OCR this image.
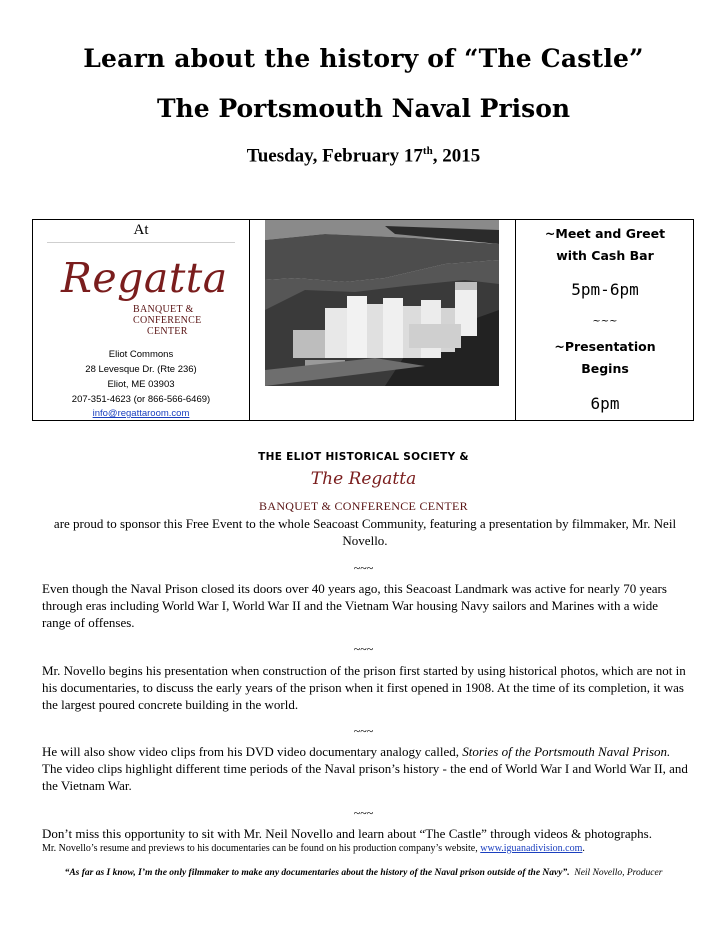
Learn about the history of “The Castle”
The Portsmouth Naval Prison
Tuesday, February 17th, 2015
At
Regatta
BANQUET &
CONFERENCE
CENTER
Eliot Commons
28 Levesque Dr. (Rte 236)
Eliot, ME 03903
207-351-4623 (or 866-566-6469)
info@regattaroom.com
~Meet and Greet
with Cash Bar
5pm-6pm
~~~
~Presentation
Begins
6pm
THE ELIOT HISTORICAL SOCIETY &
The Regatta
BANQUET & CONFERENCE CENTER
are proud to sponsor this Free Event to the whole Seacoast Community, featuring a presentation by filmmaker, Mr. Neil Novello.
~~~
Even though the Naval Prison closed its doors over 40 years ago, this Seacoast Landmark was active for nearly 70 years through eras including World War I, World War II and the Vietnam War housing Navy sailors and Marines with a wide range of offenses.
~~~
Mr. Novello begins his presentation when construction of the prison first started by using historical photos, which are not in his documentaries, to discuss the early years of the prison when it first opened in 1908. At the time of its completion, it was the largest poured concrete building in the world.
~~~
He will also show video clips from his DVD video documentary analogy called, Stories of the Portsmouth Naval Prison. The video clips highlight different time periods of the Naval prison’s history - the end of World War I and World War II, and the Vietnam War.
~~~
Don’t miss this opportunity to sit with Mr. Neil Novello and learn about “The Castle” through videos & photographs.
Mr. Novello’s resume and previews to his documentaries can be found on his production company’s website, www.iguanadivision.com.
“As far as I know, I’m the only filmmaker to make any documentaries about the history of the Naval prison outside of the Navy”. Neil Novello, Producer
